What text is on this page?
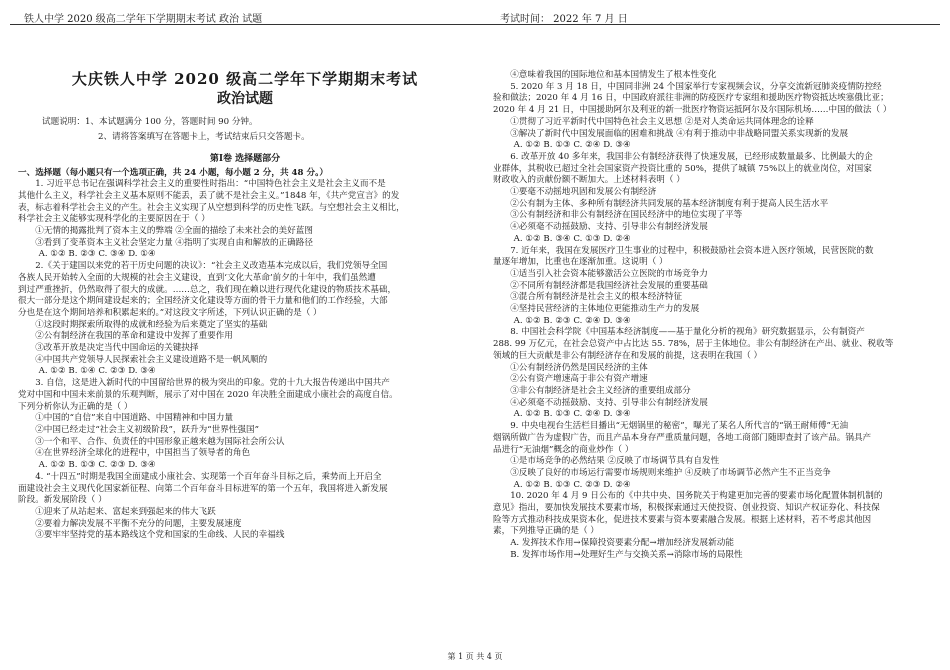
铁人中学 2020 级高二学年下学期期末考试 政治 试题	考试时间： 2022 年 7 月 日
大庆铁人中学 2020 级高二学年下学期期末考试
政治试题
试题说明：1、本试题满分 100 分，答题时间 90 分钟。
2、请将答案填写在答题卡上，考试结束后只交答题卡。
第Ⅰ卷 选择题部分
一、选择题（每小题只有一个选项正确，共 24 小题，每小题 2 分，共 48 分。）

1. 习近平总书记在强调科学社会主义的重要性时指出：“中国特色社会主义是社会主义而不是

其他什么主义，科学社会主义基本原则不能丢，丢了就不是社会主义。”1848 年，《共产党宣言》的发

表，标志着科学社会主义的产生。社会主义实现了从空想到科学的历史性飞跃。与空想社会主义相比，

科学社会主义能够实现科学化的主要原因在于（ ）

①无情的揭露批判了资本主义的弊端 ②全面的描绘了未来社会的美好蓝图

③看到了变革资本主义社会坚定力量 ④指明了实现自由和解放的正确路径

A. ①② B. ②③ C. ③④ D. ①④

2.《关于建国以来党的若干历史问题的决议》：“社会主义改造基本完成以后，我们党领导全国

各族人民开始转入全面的大规模的社会主义建设，直到‘文化大革命’前夕的十年中，我们虽然遭

到过严重挫折，仍然取得了很大的成就。……总之，我们现在赖以进行现代化建设的物质技术基础，

很大一部分是这个期间建设起来的；全国经济文化建设等方面的骨干力量和他们的工作经验，大部

分也是在这个期间培养和积累起来的。”对这段文字所述，下列认识正确的是（ ）

①这段时期探索所取得的成就和经验为后来奠定了坚实的基础

②公有制经济在我国的革命和建设中发挥了重要作用

③改革开放是决定当代中国命运的关键抉择

④中国共产党领导人民探索社会主义建设道路不是一帆风顺的

A. ①② B. ①④ C. ②③ D. ③④

3. 自信，这是进入新时代的中国留给世界的极为突出的印象。党的十九大报告传递出中国共产

党对中国和中国未来前景的乐观判断，展示了对中国在 2020 年决胜全面建成小康社会的高度自信。

下列分析你认为正确的是（ ）

①中国的“自信”来自中国道路、中国精神和中国力量

②中国已经走过“社会主义初级阶段”，跃升为“世界性强国”

③一个和平、合作、负责任的中国形象正越来越为国际社会所公认

④在世界经济全球化的进程中，中国担当了领导者的角色

A. ①② B. ①③ C. ②③ D. ③④

4. “十四五”时期是我国全面建成小康社会、实现第一个百年奋斗目标之后，乘势而上开启全

面建设社会主义现代化国家新征程、向第二个百年奋斗目标进军的第一个五年，我国将进入新发展

阶段。新发展阶段（ ）

①迎来了从站起来、富起来到强起来的伟大飞跃

②要着力解决发展不平衡不充分的问题，主要发展速度

③要牢牢坚持党的基本路线这个党和国家的生命线、人民的幸福线

④意味着我国的国际地位和基本国情发生了根本性变化

5. 2020 年 3 月 18 日，中国同非洲 24 个国家举行专家视频会议，分享交流新冠肺炎疫情防控经

验和做法；2020 年 4 月 16 日，中国政府派往非洲的防疫医疗专家组和援助医疗物资抵达埃塞俄比亚；

2020 年 4 月 21 日，中国援助阿尔及利亚的新一批医疗物资运抵阿尔及尔国际机场……中国的做法（ ）

①贯彻了习近平新时代中国特色社会主义思想 ②是对人类命运共同体理念的诠释

③解决了新时代中国发展面临的困难和挑战 ④有利于推动中非战略同盟关系实现新的发展

A. ①② B. ①③ C. ②④ D. ③④

6. 改革开放 40 多年来，我国非公有制经济获得了快速发展，已经形成数量最多、比例最大的企

业群体，其税收已超过全社会国家资产投资比重的 50%，提供了城镇 75%以上的就业岗位，对国家

财政收入的贡献份额不断加大。上述材料表明（ ）

①要毫不动摇地巩固和发展公有制经济

②公有制为主体、多种所有制经济共同发展的基本经济制度有利于提高人民生活水平

③公有制经济和非公有制经济在国民经济中的地位实现了平等

④必须毫不动摇鼓励、支持、引导非公有制经济发展

A. ①② B. ③④ C. ①③ D. ②④

7. 近年来，我国在发展医疗卫生事业的过程中，积极鼓励社会资本进入医疗领域，民营医院的数

量逐年增加，比重也在逐渐加重。这说明（ ）

①适当引入社会资本能够激活公立医院的市场竞争力

②不同所有制经济都是我国经济社会发展的重要基础

③混合所有制经济是社会主义的根本经济特征

④坚持民营经济的主体地位更能推动生产力的发展

A. ①② B. ②③ C. ②④ D. ③④

8. 中国社会科学院《中国基本经济制度——基于量化分析的视角》研究数据显示，公有制资产

288. 99 万亿元，在社会总资产中占比达 55. 78%，居于主体地位。非公有制经济在产出、就业、税收等

领域的巨大贡献是非公有制经济存在和发展的前提，这表明在我国（ ）

①公有制经济仍然是国民经济的主体

②公有资产增速高于非公有资产增速

③非公有制经济是社会主义经济的重要组成部分

④必须毫不动摇鼓励、支持、引导非公有制经济发展

A. ①② B. ①③ C. ②④ D. ③④

9. 中央电视台生活栏目播出“无烟锅里的秘密”，曝光了某名人所代言的“锅王耐师傅”无油

烟锅所做广告为虚假广告，而且产品本身存严重质量问题，各地工商部门随即查封了该产品。锅具产

品进行“无油烟”概念的商业炒作（ ）

①是市场竞争的必然结果 ②反映了市场调节具有自发性

③反映了良好的市场运行需要市场规则来维护 ④反映了市场调节必然产生不正当竞争

A. ①② B. ①③ C. ②③ D. ②④

10. 2020 年 4 月 9 日公布的《中共中央、国务院关于构建更加完善的要素市场化配置体制机制的

意见》指出，要加快发展技术要素市场，积极探索通过天使投资、创业投资、知识产权证券化、科技保

险等方式推动科技成果资本化，促进技术要素与资本要素融合发展。根据上述材料，若不考虑其他因

素，下列推导正确的是（ ）

A. 发挥技术作用→保障投资要素分配→增加经济发展新动能

B. 发挥市场作用→处理好生产与交换关系→消除市场的局限性

第 1 页 共 4 页
